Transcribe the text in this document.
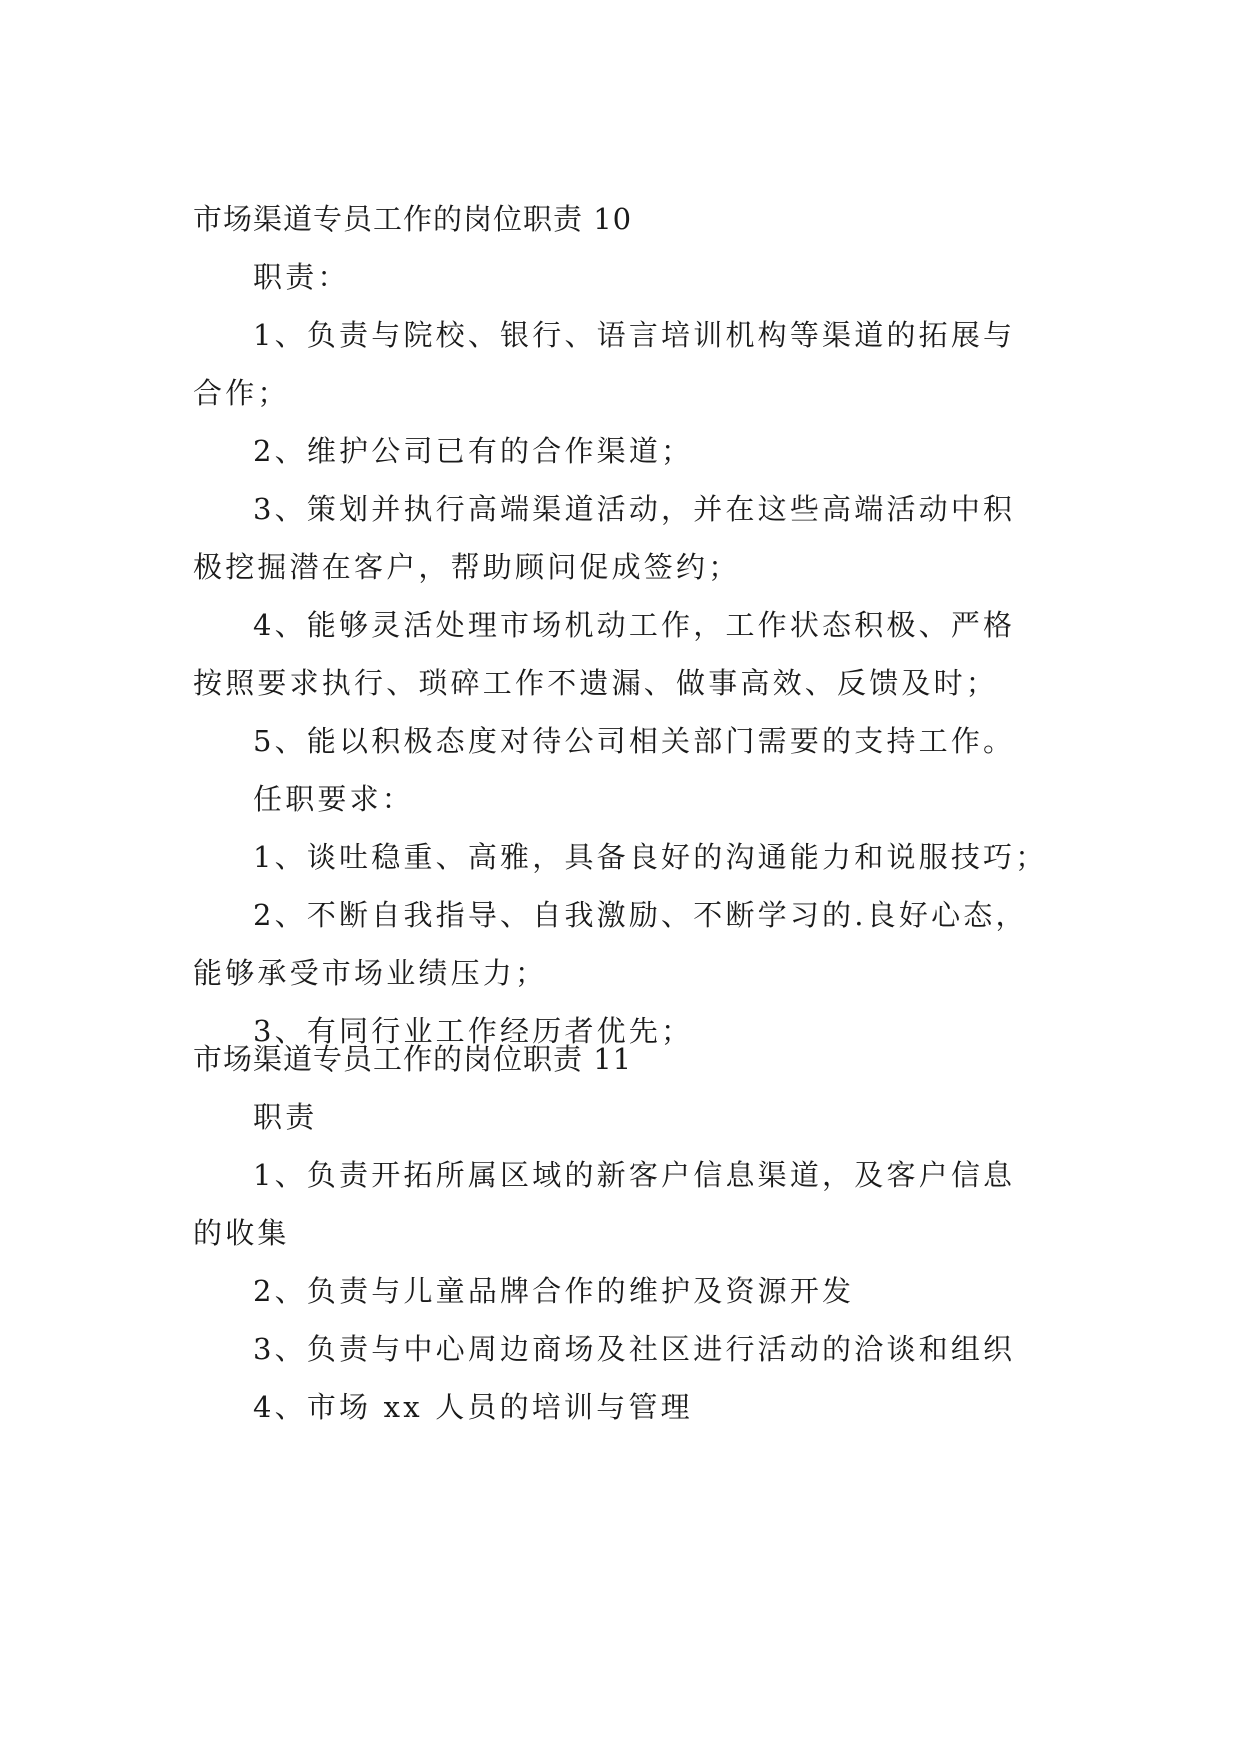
市场渠道专员工作的岗位职责 10
职责：
1、负责与院校、银行、语言培训机构等渠道的拓展与
合作；
2、维护公司已有的合作渠道；
3、策划并执行高端渠道活动，并在这些高端活动中积
极挖掘潜在客户，帮助顾问促成签约；
4、能够灵活处理市场机动工作，工作状态积极、严格
按照要求执行、琐碎工作不遗漏、做事高效、反馈及时；
5、能以积极态度对待公司相关部门需要的支持工作。
任职要求：
1、谈吐稳重、高雅，具备良好的沟通能力和说服技巧；
2、不断自我指导、自我激励、不断学习的.良好心态，
能够承受市场业绩压力；
3、有同行业工作经历者优先；
市场渠道专员工作的岗位职责 11
职责
1、负责开拓所属区域的新客户信息渠道，及客户信息
的收集
2、负责与儿童品牌合作的维护及资源开发
3、负责与中心周边商场及社区进行活动的洽谈和组织
4、市场 xx 人员的培训与管理
